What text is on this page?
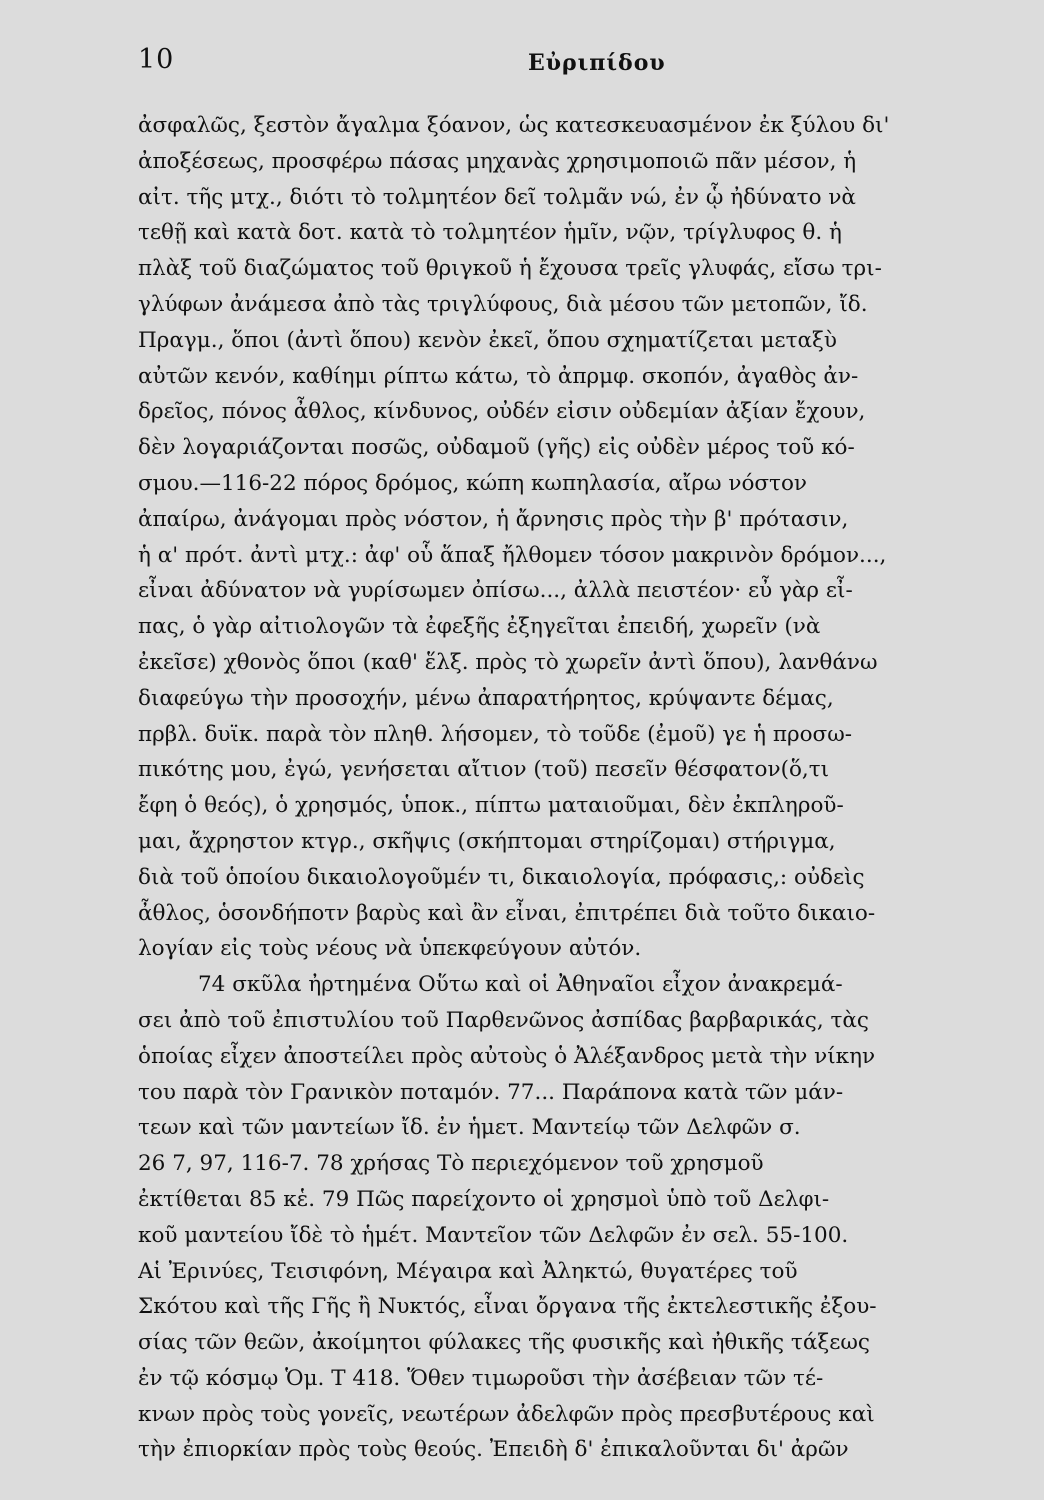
10	Εὐριπίδου
ἀσφαλῶς, ξεστὸν ἄγαλμα ξόανον, ὡς κατεσκευασμένον ἐκ ξύλου δι'
ἀποξέσεως, προσφέρω πάσας μηχανὰς χρησιμοποιῶ πᾶν μέσον, ἡ
αἰτ. τῆς μτχ., διότι τὸ τολμητέον δεῖ τολμᾶν νώ, ἐν ᾧ ἠδύνατο νὰ
τεθῇ καὶ κατὰ δοτ. κατὰ τὸ τολμητέον ἡμῖν, νῷν, τρίγλυφος θ. ἡ
πλὰξ τοῦ διαζώματος τοῦ θριγκοῦ ἡ ἔχουσα τρεῖς γλυφάς, εἴσω τρι-
γλύφων ἀνάμεσα ἀπὸ τὰς τριγλύφους, διὰ μέσου τῶν μετοπῶν, ἴδ.
Πραγμ., ὅποι (ἀντὶ ὅπου) κενὸν ἐκεῖ, ὅπου σχηματίζεται μεταξὺ
αὐτῶν κενόν, καθίημι ρίπτω κάτω, τὸ ἀπρμφ. σκοπόν, ἀγαθὸς ἀν-
δρεῖος, πόνος ἆθλος, κίνδυνος, οὐδέν εἰσιν οὐδεμίαν ἀξίαν ἔχουν,
δὲν λογαριάζονται ποσῶς, οὐδαμοῦ (γῆς) εἰς οὐδὲν μέρος τοῦ κό-
σμου.—116-22 πόρος δρόμος, κώπη κωπηλασία, αἴρω νόστον
ἀπαίρω, ἀνάγομαι πρὸς νόστον, ἡ ἄρνησις πρὸς τὴν β' πρότασιν,
ἡ α' πρότ. ἀντὶ μτχ.: ἀφ' οὗ ἅπαξ ἤλθομεν τόσον μακρινὸν δρόμον...,
εἶναι ἀδύνατον νὰ γυρίσωμεν ὀπίσω..., ἀλλὰ πειστέον· εὖ γὰρ εἶ-
πας, ὁ γὰρ αἰτιολογῶν τὰ ἐφεξῆς ἐξηγεῖται ἐπειδή, χωρεῖν (νὰ
ἐκεῖσε) χθονὸς ὅποι (καθ' ἕλξ. πρὸς τὸ χωρεῖν ἀντὶ ὅπου), λανθάνω
διαφεύγω τὴν προσοχήν, μένω ἀπαρατήρητος, κρύψαντε δέμας,
πρβλ. δυϊκ. παρὰ τὸν πληθ. λήσομεν, τὸ τοῦδε (ἐμοῦ) γε ἡ προσω-
πικότης μου, ἐγώ, γενήσεται αἴτιον (τοῦ) πεσεῖν θέσφατον(ὅ,τι
ἔφη ὁ θεός), ὁ χρησμός, ὑποκ., πίπτω ματαιοῦμαι, δὲν ἐκπληροῦ-
μαι, ἄχρηστον κτγρ., σκῆψις (σκήπτομαι στηρίζομαι) στήριγμα,
διὰ τοῦ ὁποίου δικαιολογοῦμέν τι, δικαιολογία, πρόφασις,: οὐδεὶς
ἆθλος, ὁσονδήποτν βαρὺς καὶ ἂν εἶναι, ἐπιτρέπει διὰ τοῦτο δικαιο-
λογίαν εἰς τοὺς νέους νὰ ὑπεκφεύγουν αὐτόν.
74 σκῦλα ἠρτημένα Οὕτω καὶ οἱ Ἀθηναῖοι εἶχον ἀνακρεμά-
σει ἀπὸ τοῦ ἐπιστυλίου τοῦ Παρθενῶνος ἀσπίδας βαρβαρικάς, τὰς
ὁποίας εἶχεν ἀποστείλει πρὸς αὐτοὺς ὁ Ἀλέξανδρος μετὰ τὴν νίκην
του παρὰ τὸν Γρανικὸν ποταμόν. 77... Παράπονα κατὰ τῶν μάν-
τεων καὶ τῶν μαντείων ἴδ. ἐν ἡμετ. Μαντείῳ τῶν Δελφῶν σ.
26 7, 97, 116-7. 78 χρήσας Τὸ περιεχόμενον τοῦ χρησμοῦ
ἐκτίθεται 85 κἑ. 79 Πῶς παρείχοντο οἱ χρησμοὶ ὑπὸ τοῦ Δελφι-
κοῦ μαντείου ἴδὲ τὸ ἡμέτ. Μαντεῖον τῶν Δελφῶν ἐν σελ. 55-100.
Αἱ Ἐρινύες, Τεισιφόνη, Μέγαιρα καὶ Ἀληκτώ, θυγατέρες τοῦ
Σκότου καὶ τῆς Γῆς ἢ Νυκτός, εἶναι ὄργανα τῆς ἐκτελεστικῆς ἐξου-
σίας τῶν θεῶν, ἀκοίμητοι φύλακες τῆς φυσικῆς καὶ ἠθικῆς τάξεως
ἐν τῷ κόσμῳ Ὁμ. Τ 418. Ὅθεν τιμωροῦσι τὴν ἀσέβειαν τῶν τέ-
κνων πρὸς τοὺς γονεῖς, νεωτέρων ἀδελφῶν πρὸς πρεσβυτέρους καὶ
τὴν ἐπιορκίαν πρὸς τοὺς θεούς. Ἐπειδὴ δ' ἐπικαλοῦνται δι' ἀρῶν
